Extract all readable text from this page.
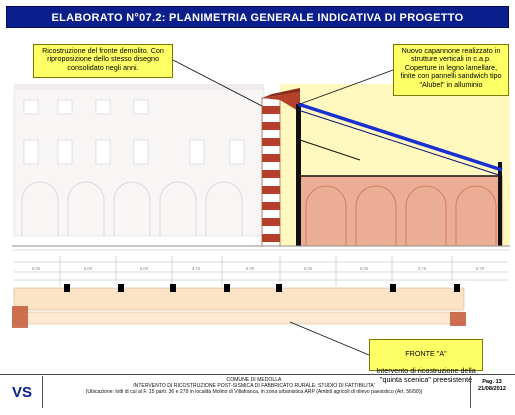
5.00	5.00	5.00	3.76	5.00	5.00	5.00	3.76	3.76
ELABORATO N°07.2: PLANIMETRIA GENERALE INDICATIVA DI PROGETTO
Ricostruzione del fronte demolito. Con riproposizione dello stesso disegno consolidato negli anni.
Nuovo capannone realizzato in strutture verticali in c.a.p. Coperture in legno lamellare, finite con pannelli sandwich tipo "Alubel" in alluminio

FRONTE "A"

Intervento di ricostruzione della "quinta scenica" preesistente

VS
COMUNE DI MEDOLLA
INTERVENTO DI RICOSTRUZIONE POST-SISMICA DI FABBRICATO RURALE: STUDIO DI FATTIBILITA'
(Ubicazione: lotti di cui al F. 15 parti. 36 e 279 in località Molino di Villafranca, in zona urbanistica ARP (Ambiti agricoli di rilievo paesistico (Art. 56/58))
Pag. 13
21/08/2012
